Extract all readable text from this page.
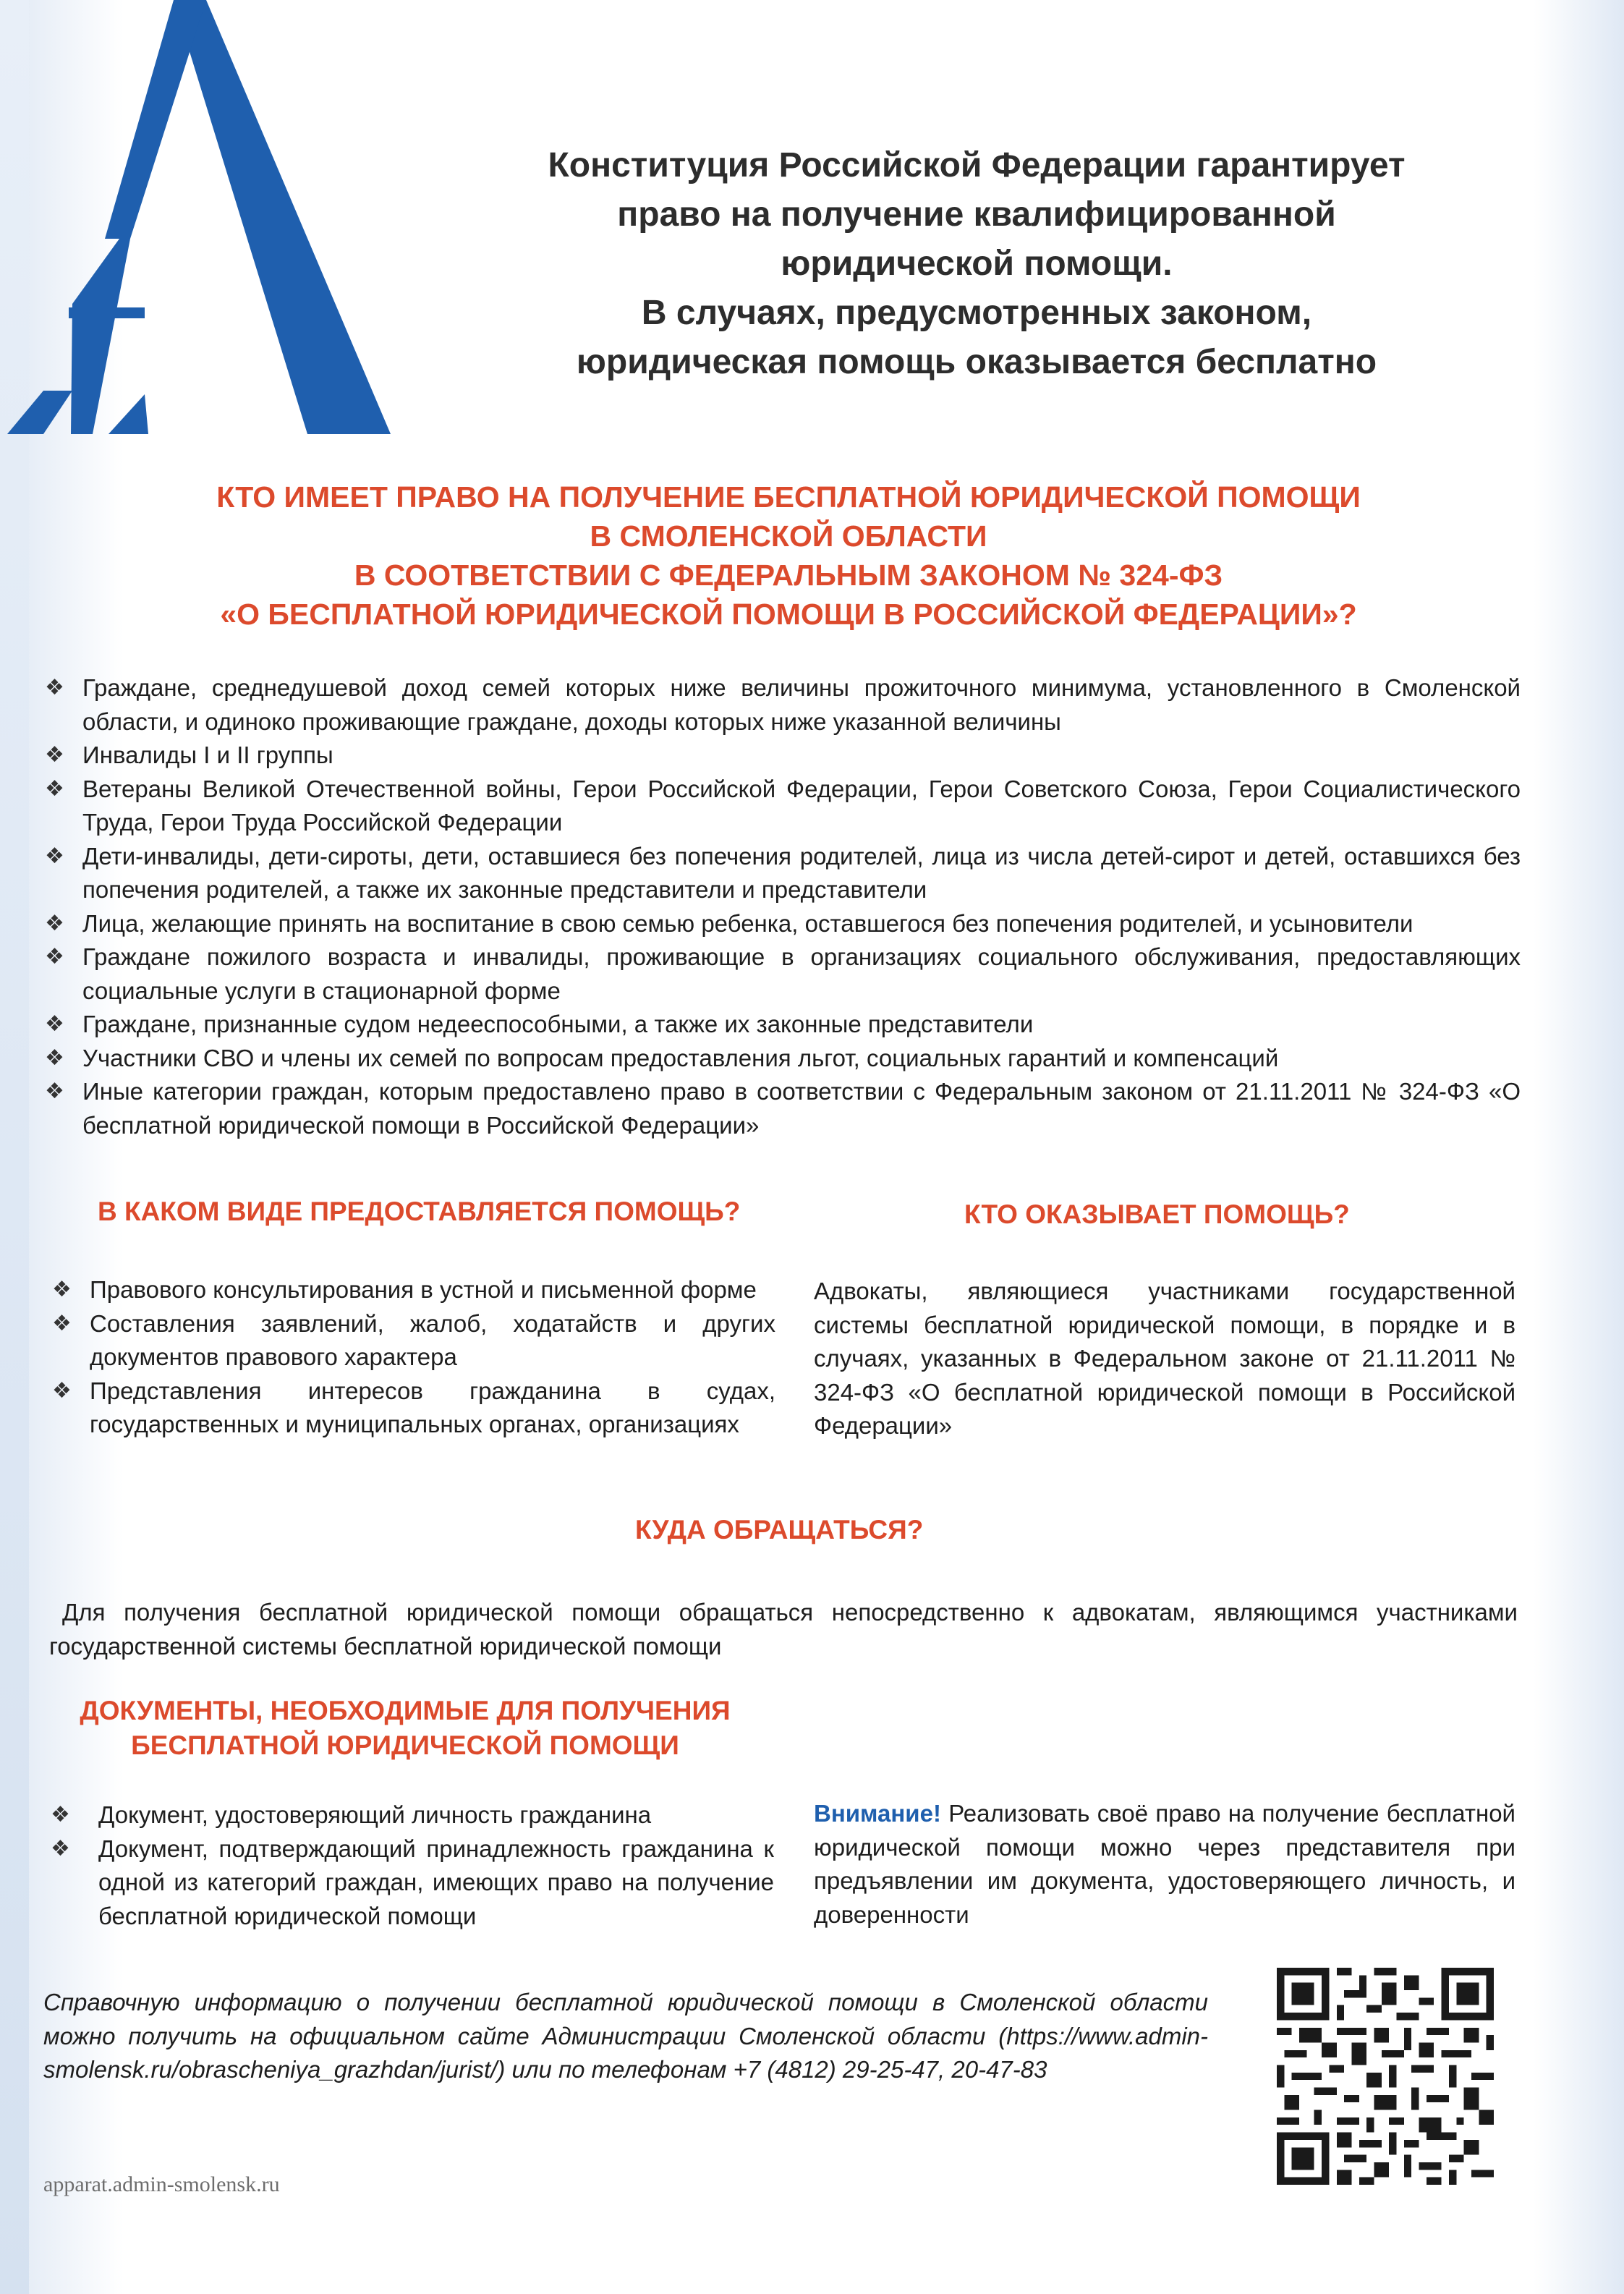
Конституция Российской Федерации гарантирует
право на получение квалифицированной
юридической помощи.
В случаях, предусмотренных законом,
юридическая помощь оказывается бесплатно
КТО ИМЕЕТ ПРАВО НА ПОЛУЧЕНИЕ БЕСПЛАТНОЙ ЮРИДИЧЕСКОЙ ПОМОЩИ
В СМОЛЕНСКОЙ ОБЛАСТИ
В СООТВЕТСТВИИ С ФЕДЕРАЛЬНЫМ ЗАКОНОМ № 324-ФЗ
«О БЕСПЛАТНОЙ ЮРИДИЧЕСКОЙ ПОМОЩИ В РОССИЙСКОЙ ФЕДЕРАЦИИ»?
❖ Граждане, среднедушевой доход семей которых ниже величины прожиточного минимума, установленного в Смоленской области, и одиноко проживающие граждане, доходы которых ниже указанной величины
❖ Инвалиды I и II группы
❖ Ветераны Великой Отечественной войны, Герои Российской Федерации, Герои Советского Союза, Герои Социалистического Труда, Герои Труда Российской Федерации
❖ Дети-инвалиды, дети-сироты, дети, оставшиеся без попечения родителей, лица из числа детей-сирот и детей, оставшихся без попечения родителей, а также их законные представители и представители
❖ Лица, желающие принять на воспитание в свою семью ребенка, оставшегося без попечения родителей, и усыновители
❖ Граждане пожилого возраста и инвалиды, проживающие в организациях социального обслуживания, предоставляющих социальные услуги в стационарной форме
❖ Граждане, признанные судом недееспособными, а также их законные представители
❖ Участники СВО и члены их семей по вопросам предоставления льгот, социальных гарантий и компенсаций
❖ Иные категории граждан, которым предоставлено право в соответствии с Федеральным законом от 21.11.2011 № 324-ФЗ «О бесплатной юридической помощи в Российской Федерации»
В КАКОМ ВИДЕ ПРЕДОСТАВЛЯЕТСЯ ПОМОЩЬ?	КТО ОКАЗЫВАЕТ ПОМОЩЬ?
❖ Правового консультирования в устной и письменной форме
❖ Составления заявлений, жалоб, ходатайств и других документов правового характера
❖ Представления интересов гражданина в судах, государственных и муниципальных органах, организациях
Адвокаты, являющиеся участниками государственной системы бесплатной юридической помощи, в порядке и в случаях, указанных в Федеральном законе от 21.11.2011 № 324-ФЗ «О бесплатной юридической помощи в Российской Федерации»
КУДА ОБРАЩАТЬСЯ?
Для получения бесплатной юридической помощи обращаться непосредственно к адвокатам, являющимся участниками государственной системы бесплатной юридической помощи
ДОКУМЕНТЫ, НЕОБХОДИМЫЕ ДЛЯ ПОЛУЧЕНИЯ
БЕСПЛАТНОЙ ЮРИДИЧЕСКОЙ ПОМОЩИ
❖ Документ, удостоверяющий личность гражданина
❖ Документ, подтверждающий принадлежность гражданина к одной из категорий граждан, имеющих право на получение бесплатной юридической помощи
Внимание! Реализовать своё право на получение бесплатной юридической помощи можно через представителя при предъявлении им документа, удостоверяющего личность, и доверенности
Справочную информацию о получении бесплатной юридической помощи в Смоленской области можно получить на официальном сайте Администрации Смоленской области (https://www.admin-smolensk.ru/obrascheniya_grazhdan/jurist/) или по телефонам +7 (4812) 29-25-47, 20-47-83
apparat.admin-smolensk.ru
